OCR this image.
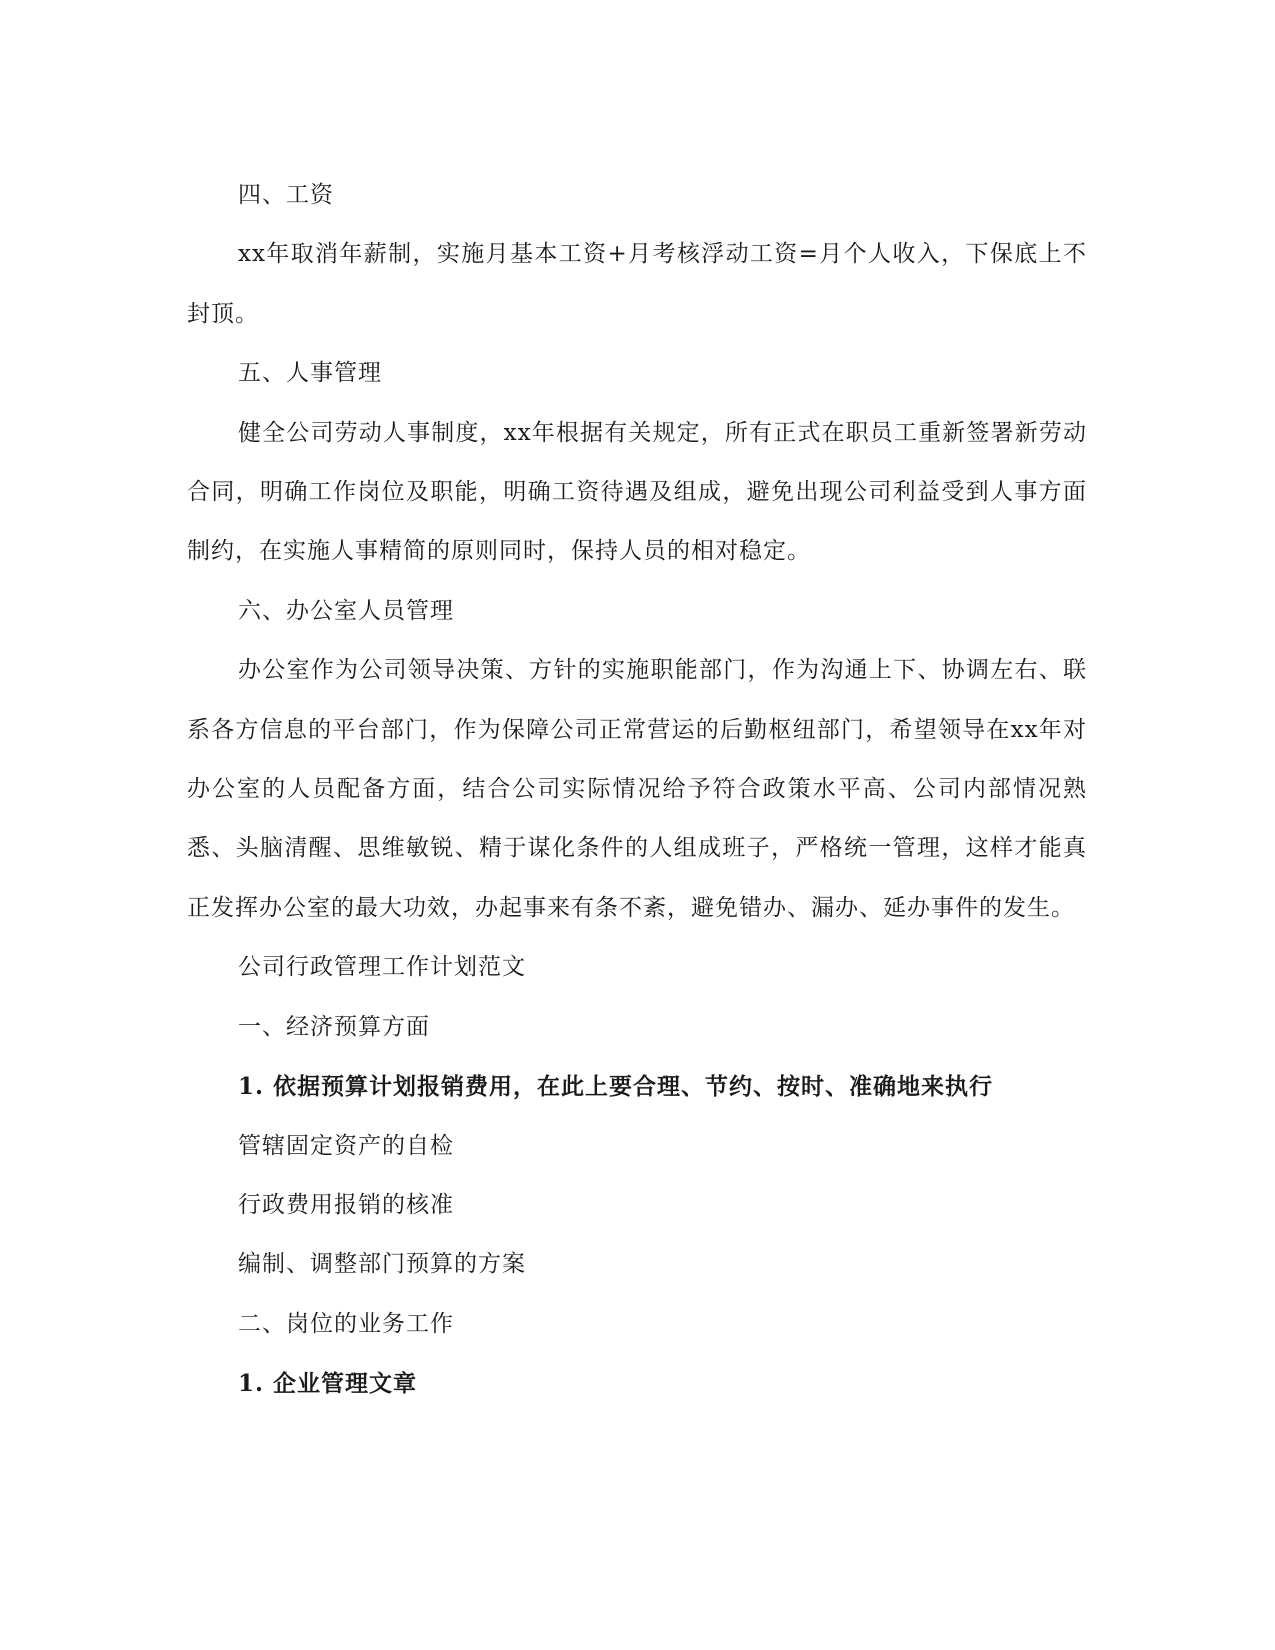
四、工资

xx年取消年薪制，实施月基本工资+月考核浮动工资=月个人收入，下保底上不封顶。

五、人事管理

健全公司劳动人事制度，xx年根据有关规定，所有正式在职员工重新签署新劳动合同，明确工作岗位及职能，明确工资待遇及组成，避免出现公司利益受到人事方面制约，在实施人事精简的原则同时，保持人员的相对稳定。

六、办公室人员管理

办公室作为公司领导决策、方针的实施职能部门，作为沟通上下、协调左右、联系各方信息的平台部门，作为保障公司正常营运的后勤枢纽部门，希望领导在xx年对办公室的人员配备方面，结合公司实际情况给予符合政策水平高、公司内部情况熟悉、头脑清醒、思维敏锐、精于谋化条件的人组成班子，严格统一管理，这样才能真正发挥办公室的最大功效，办起事来有条不紊，避免错办、漏办、延办事件的发生。

公司行政管理工作计划范文

一、经济预算方面

1. 依据预算计划报销费用，在此上要合理、节约、按时、准确地来执行

管辖固定资产的自检

行政费用报销的核准

编制、调整部门预算的方案

二、岗位的业务工作

1. 企业管理文章
